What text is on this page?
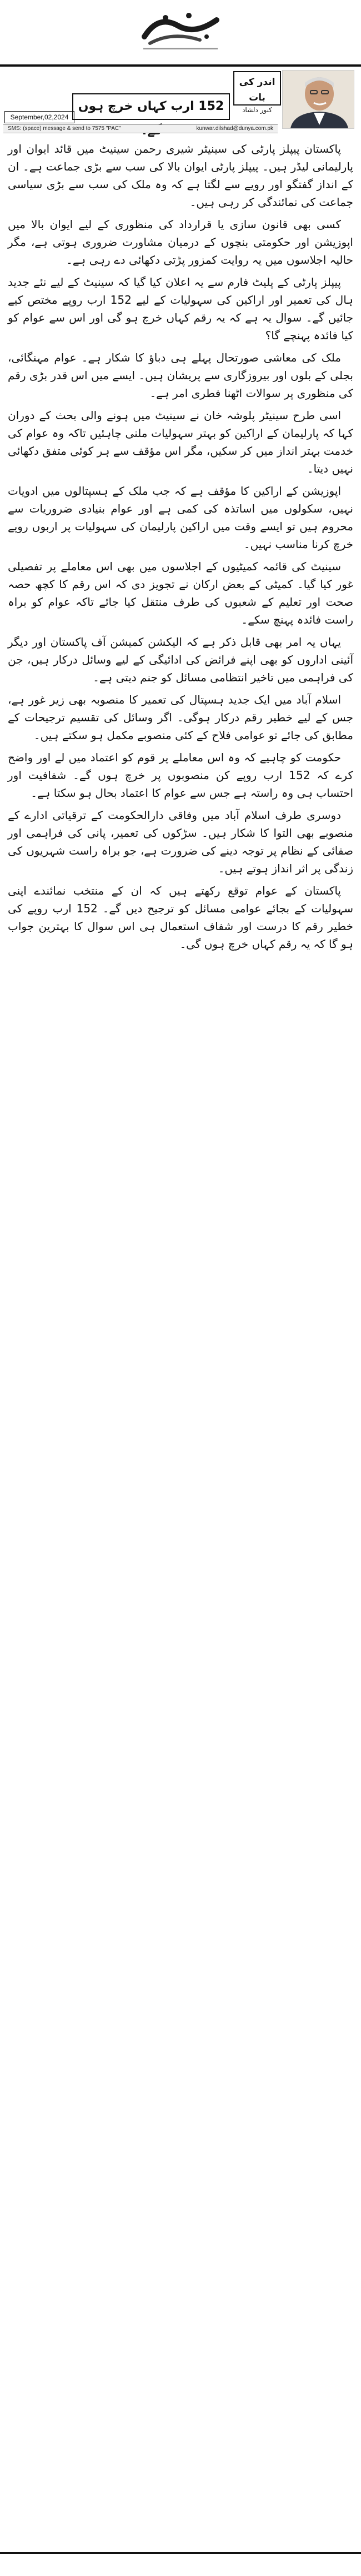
اندر کی بات
کنور دلشاد
152 ارب کہاں خرچ ہوں
September,02,2024
SMS: (space) message & send to 7575 "PAC"	kunwar.dilshad@dunya.com.pk

پاکستان پیپلز پارٹی کی سینیٹر شیری رحمن سینیٹ میں قائد ایوان اور پارلیمانی لیڈر ہیں۔ پیپلز پارٹی ایوان بالا کی سب سے بڑی جماعت ہے۔ ان کے انداز گفتگو اور رویے سے لگتا ہے کہ وہ ملک کی سب سے بڑی سیاسی جماعت کی نمائندگی کر رہی ہیں۔

کسی بھی قانون سازی یا قرارداد کی منظوری کے لیے ایوان بالا میں اپوزیشن اور حکومتی بنچوں کے درمیان مشاورت ضروری ہوتی ہے، مگر حالیہ اجلاسوں میں یہ روایت کمزور پڑتی دکھائی دے رہی ہے۔

پیپلز پارٹی کے پلیٹ فارم سے یہ اعلان کیا گیا کہ سینیٹ کے لیے نئے جدید ہال کی تعمیر اور اراکین کی سہولیات کے لیے 152 ارب روپے مختص کیے جائیں گے۔ سوال یہ ہے کہ یہ رقم کہاں خرچ ہو گی اور اس سے عوام کو کیا فائدہ پہنچے گا؟

ملک کی معاشی صورتحال پہلے ہی دباؤ کا شکار ہے۔ عوام مہنگائی، بجلی کے بلوں اور بیروزگاری سے پریشان ہیں۔ ایسے میں اس قدر بڑی رقم کی منظوری پر سوالات اٹھنا فطری امر ہے۔

اسی طرح سینیٹر پلوشہ خان نے سینیٹ میں ہونے والی بحث کے دوران کہا کہ پارلیمان کے اراکین کو بہتر سہولیات ملنی چاہئیں تاکہ وہ عوام کی خدمت بہتر انداز میں کر سکیں، مگر اس مؤقف سے ہر کوئی متفق دکھائی نہیں دیتا۔

اپوزیشن کے اراکین کا مؤقف ہے کہ جب ملک کے ہسپتالوں میں ادویات نہیں، سکولوں میں اساتذہ کی کمی ہے اور عوام بنیادی ضروریات سے محروم ہیں تو ایسے وقت میں اراکین پارلیمان کی سہولیات پر اربوں روپے خرچ کرنا مناسب نہیں۔

سینیٹ کی قائمہ کمیٹیوں کے اجلاسوں میں بھی اس معاملے پر تفصیلی غور کیا گیا۔ کمیٹی کے بعض ارکان نے تجویز دی کہ اس رقم کا کچھ حصہ صحت اور تعلیم کے شعبوں کی طرف منتقل کیا جائے تاکہ عوام کو براہ راست فائدہ پہنچ سکے۔

یہاں یہ امر بھی قابل ذکر ہے کہ الیکشن کمیشن آف پاکستان اور دیگر آئینی اداروں کو بھی اپنے فرائض کی ادائیگی کے لیے وسائل درکار ہیں، جن کی فراہمی میں تاخیر انتظامی مسائل کو جنم دیتی ہے۔

اسلام آباد میں ایک جدید ہسپتال کی تعمیر کا منصوبہ بھی زیر غور ہے، جس کے لیے خطیر رقم درکار ہوگی۔ اگر وسائل کی تقسیم ترجیحات کے مطابق کی جائے تو عوامی فلاح کے کئی منصوبے مکمل ہو سکتے ہیں۔

حکومت کو چاہیے کہ وہ اس معاملے پر قوم کو اعتماد میں لے اور واضح کرے کہ 152 ارب روپے کن منصوبوں پر خرچ ہوں گے۔ شفافیت اور احتساب ہی وہ راستہ ہے جس سے عوام کا اعتماد بحال ہو سکتا ہے۔

دوسری طرف اسلام آباد میں وفاقی دارالحکومت کے ترقیاتی ادارے کے منصوبے بھی التوا کا شکار ہیں۔ سڑکوں کی تعمیر، پانی کی فراہمی اور صفائی کے نظام پر توجہ دینے کی ضرورت ہے، جو براہ راست شہریوں کی زندگی پر اثر انداز ہوتے ہیں۔

پاکستان کے عوام توقع رکھتے ہیں کہ ان کے منتخب نمائندے اپنی سہولیات کے بجائے عوامی مسائل کو ترجیح دیں گے۔ 152 ارب روپے کی خطیر رقم کا درست اور شفاف استعمال ہی اس سوال کا بہترین جواب ہو گا کہ یہ رقم کہاں خرچ ہوں گی۔
